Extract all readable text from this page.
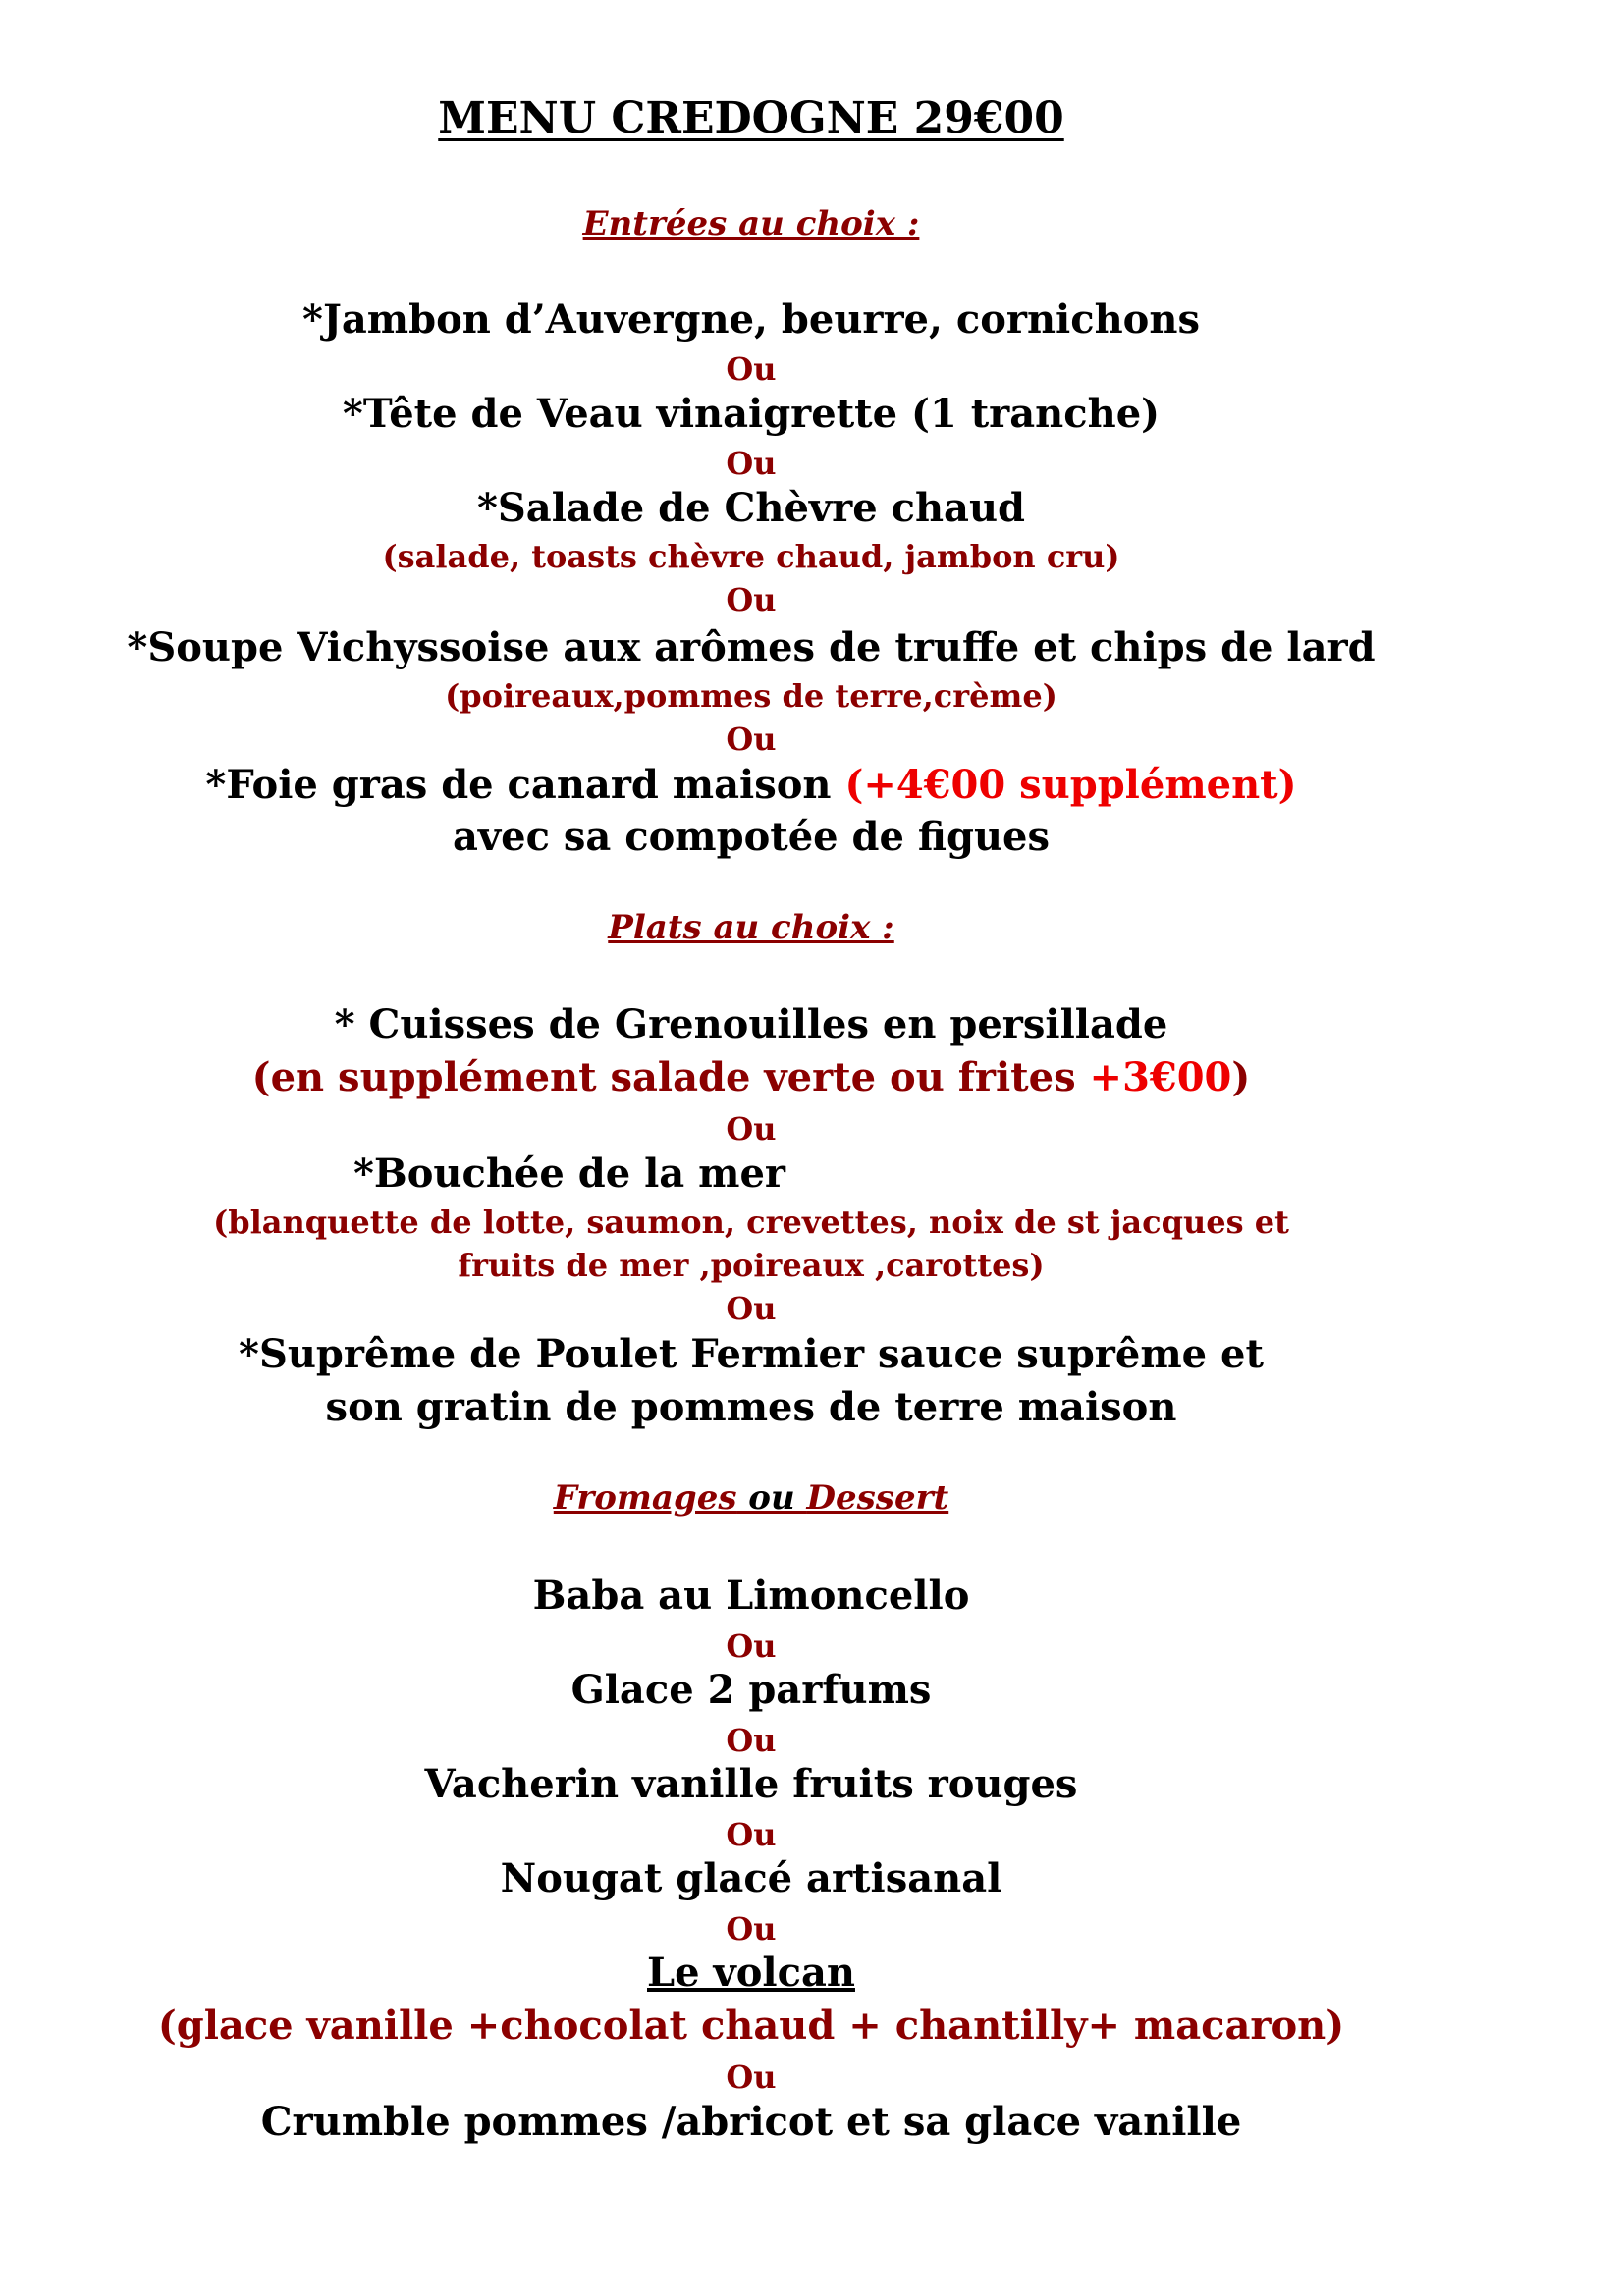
MENU CREDOGNE 29€00
Entrées au choix :
*Jambon d’Auvergne, beurre, cornichons
Ou
*Tête de Veau vinaigrette (1 tranche)
Ou
*Salade de Chèvre chaud
(salade, toasts chèvre chaud, jambon cru)
Ou
*Soupe Vichyssoise aux arômes de truffe et chips de lard
(poireaux,pommes de terre,crème)
Ou
*Foie gras de canard maison (+4€00 supplément)
avec sa compotée de figues
Plats au choix :
* Cuisses de Grenouilles en persillade
(en supplément salade verte ou frites +3€00)
Ou
*Bouchée de la mer
(blanquette de lotte, saumon, crevettes, noix de st jacques et
fruits de mer ,poireaux ,carottes)
Ou
*Suprême de Poulet Fermier sauce suprême et
son gratin de pommes de terre maison
Fromages ou Dessert
Baba au Limoncello
Ou
Glace 2 parfums
Ou
Vacherin vanille fruits rouges
Ou
Nougat glacé artisanal
Ou
Le volcan
(glace vanille +chocolat chaud + chantilly+ macaron)
Ou
Crumble pommes /abricot et sa glace vanille
